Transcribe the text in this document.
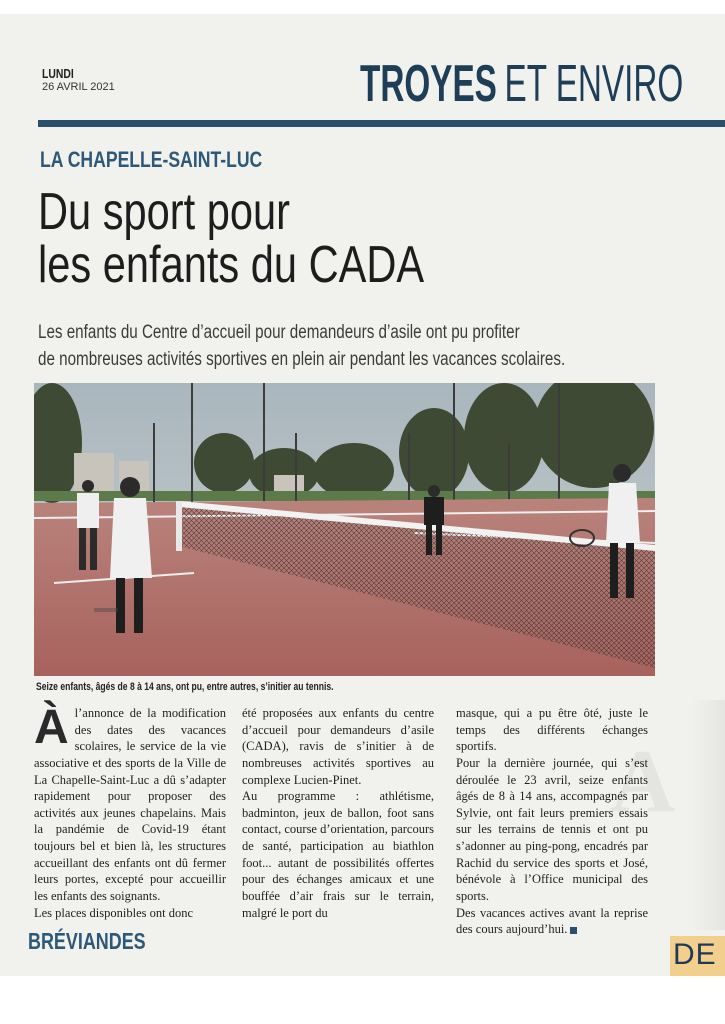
A
LUNDI
26 AVRIL 2021	TROYES ET ENVIRO
LA CHAPELLE-SAINT-LUC
Du sport pour
les enfants du CADA
Les enfants du Centre d’accueil pour demandeurs d’asile ont pu profiter
de nombreuses activités sportives en plein air pendant les vacances scolaires.
Seize enfants, âgés de 8 à 14 ans, ont pu, entre autres, s’initier au tennis.

Àl’annonce de la modification des dates des vacances scolaires, le service de la vie associative et des sports de la Ville de La Chapelle-Saint-Luc a dû s’adapter rapidement pour proposer des activités aux jeunes chapelains. Mais la pandémie de Covid-19 étant toujours bel et bien là, les structures accueillant des enfants ont dû fermer leurs portes, excepté pour accueillir les enfants des soignants.

Les places disponibles ont donc

été proposées aux enfants du centre d’accueil pour demandeurs d’asile (CADA), ravis de s’initier à de nombreuses activités sportives au complexe Lucien-Pinet.

Au programme : athlétisme, badminton, jeux de ballon, foot sans contact, course d’orientation, parcours de santé, participation au biathlon foot... autant de possibilités offertes pour des échanges amicaux et une bouffée d’air frais sur le terrain, malgré le port du

masque, qui a pu être ôté, juste le temps des différents échanges sportifs.

Pour la dernière journée, qui s’est déroulée le 23 avril, seize enfants âgés de 8 à 14 ans, accompagnés par Sylvie, ont fait leurs premiers essais sur les terrains de tennis et ont pu s’adonner au ping-pong, encadrés par Rachid du service des sports et José, bénévole à l’Office municipal des sports.

Des vacances actives avant la reprise des cours aujourd’hui.

BRÉVIANDES	DE
